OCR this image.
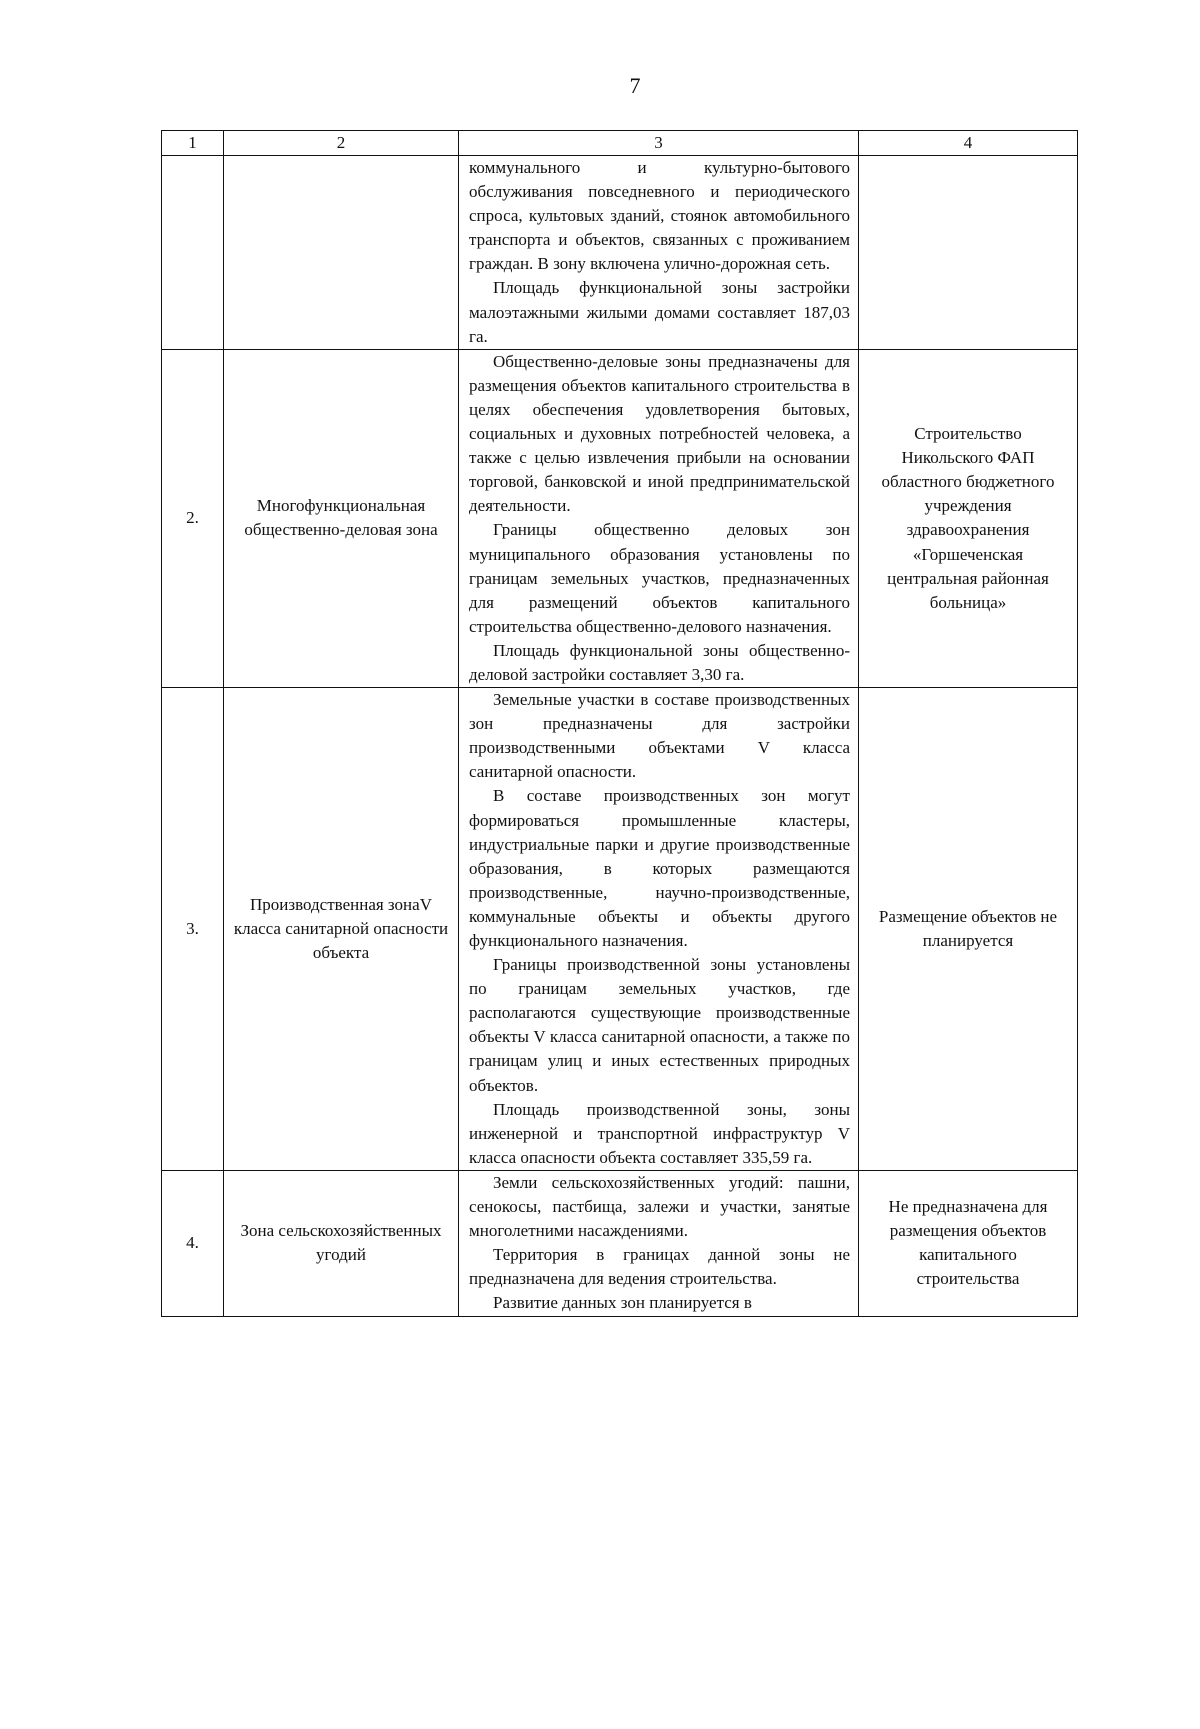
7
1	2	3	4

		коммунального и культурно-бытового обслуживания повседневного и периодического спроса, культовых зданий, стоянок автомобильного транспорта и объектов, связанных с проживанием граждан. В зону включена улично-дорожная сеть.

Площадь функциональной зоны застройки малоэтажными жилыми домами составляет 187,03 га.	

2.	Многофункциональная общественно-деловая зона	Общественно-деловые зоны предназначены для размещения объектов капитального строительства в целях обеспечения удовлетворения бытовых, социальных и духовных потребностей человека, а также с целью извлечения прибыли на основании торговой, банковской и иной предпринимательской деятельности.

Границы общественно деловых зон муниципального образования установлены по границам земельных участков, предназначенных для размещений объектов капитального строительства общественно-делового назначения.

Площадь функциональной зоны общественно-деловой застройки составляет 3,30 га.	Строительство Никольского ФАП областного бюджетного учреждения здравоохранения «Горшеченская центральная районная больница»
3.	Производственная зонаV класса санитарной опасности объекта	Земельные участки в составе производственных зон предназначены для застройки производственными объектами V класса санитарной опасности.

В составе производственных зон могут формироваться промышленные кластеры, индустриальные парки и другие производственные образования, в которых размещаются производственные, научно-производственные, коммунальные объекты и объекты другого функционального назначения.

Границы производственной зоны установлены по границам земельных участков, где располагаются существующие производственные объекты V класса санитарной опасности, а также по границам улиц и иных естественных природных объектов.

Площадь производственной зоны, зоны инженерной и транспортной инфраструктур V класса опасности объекта составляет 335,59 га.	Размещение объектов не планируется
4.	Зона сельскохозяйственных угодий	Земли сельскохозяйственных угодий: пашни, сенокосы, пастбища, залежи и участки, занятые многолетними насаждениями.

Территория в границах данной зоны не предназначена для ведения строительства.

Развитие данных зон планируется в	Не предназначена для размещения объектов капитального строительства
